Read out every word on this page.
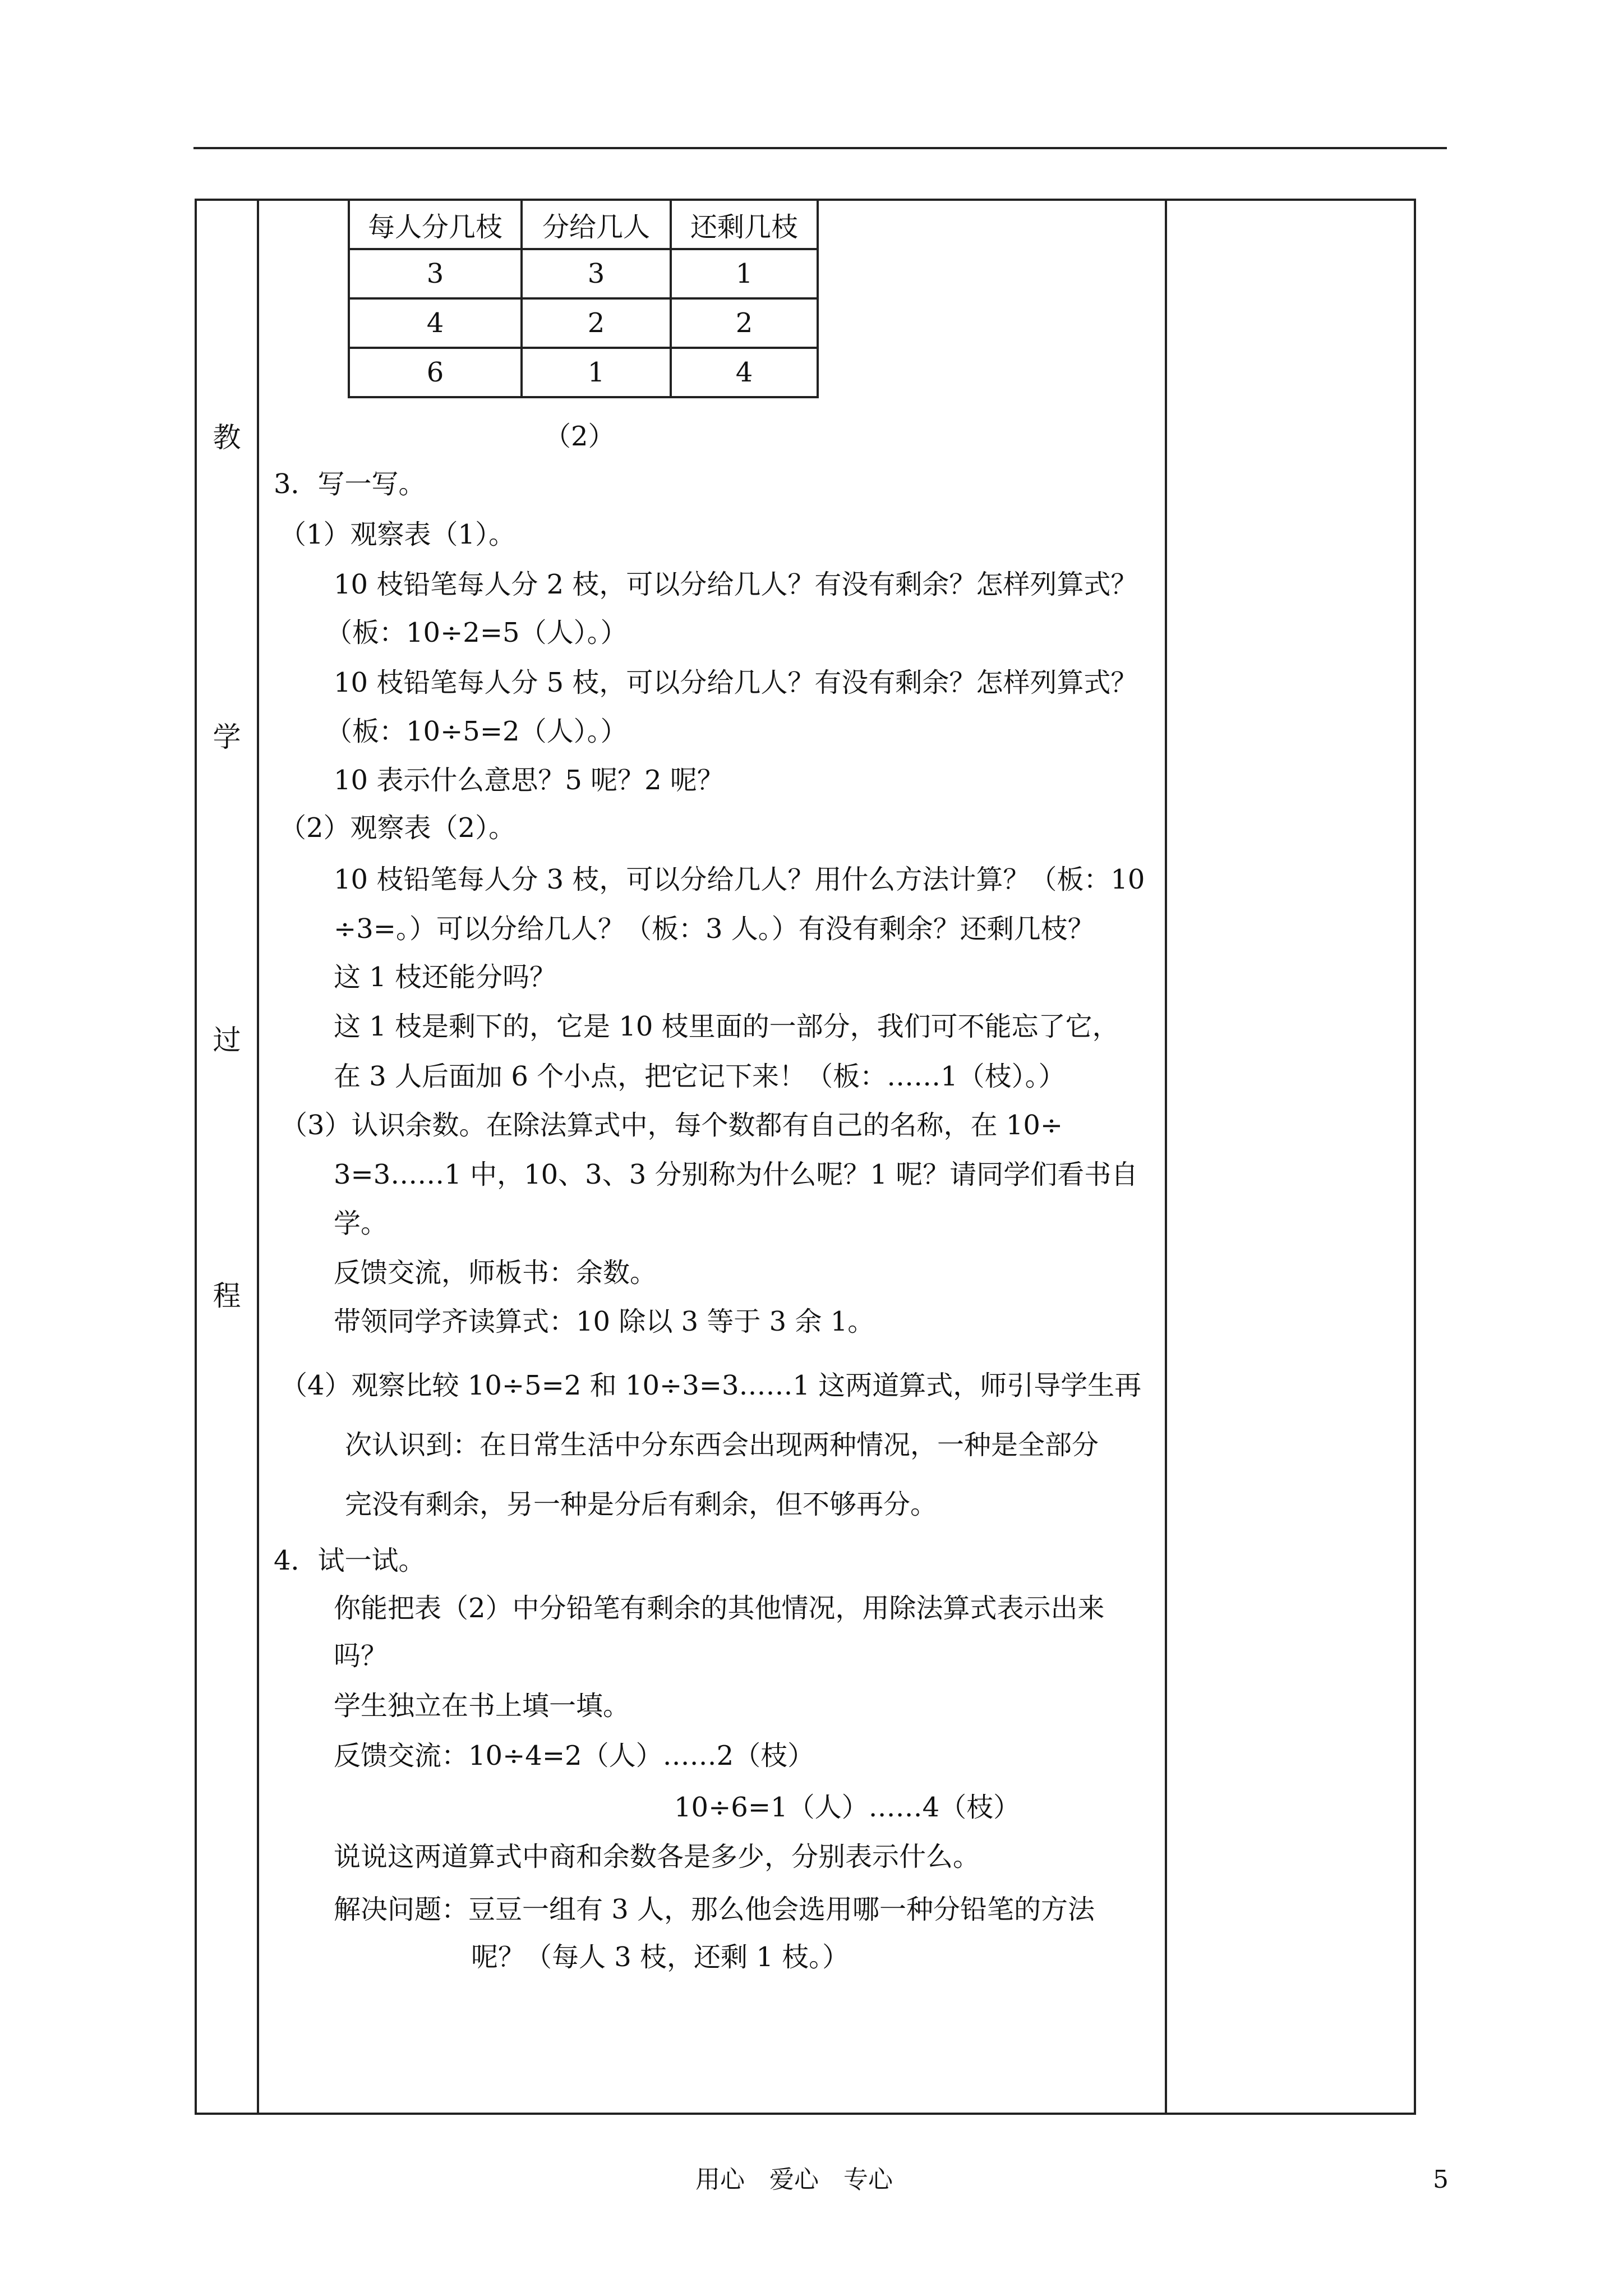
教
学
过
程
每人分几枝	分给几人	还剩几枝
3	3	1
4	2	2
6	1	4
（2）
3．写一写。
（1）观察表（1）。
10 枝铅笔每人分 2 枝，可以分给几人？有没有剩余？怎样列算式？
（板：10÷2=5（人）。）
10 枝铅笔每人分 5 枝，可以分给几人？有没有剩余？怎样列算式？
（板：10÷5=2（人）。）
10 表示什么意思？5 呢？2 呢？
（2）观察表（2）。
10 枝铅笔每人分 3 枝，可以分给几人？用什么方法计算？（板：10
÷3=。）可以分给几人？（板：3 人。）有没有剩余？还剩几枝？
这 1 枝还能分吗？
这 1 枝是剩下的，它是 10 枝里面的一部分，我们可不能忘了它，
在 3 人后面加 6 个小点，把它记下来！（板：……1（枝）。）
（3）认识余数。在除法算式中，每个数都有自己的名称，在 10÷
3=3……1 中，10、3、3 分别称为什么呢？1 呢？请同学们看书自
学。
反馈交流，师板书：余数。
带领同学齐读算式：10 除以 3 等于 3 余 1。
（4）观察比较 10÷5=2 和 10÷3=3……1 这两道算式，师引导学生再
次认识到：在日常生活中分东西会出现两种情况，一种是全部分
完没有剩余，另一种是分后有剩余，但不够再分。
4．试一试。
你能把表（2）中分铅笔有剩余的其他情况，用除法算式表示出来
吗？
学生独立在书上填一填。
反馈交流：10÷4=2（人）……2（枝）
10÷6=1（人）……4（枝）
说说这两道算式中商和余数各是多少，分别表示什么。
解决问题：豆豆一组有 3 人，那么他会选用哪一种分铅笔的方法
呢？（每人 3 枝，还剩 1 枝。）
用心　爱心　专心	5
